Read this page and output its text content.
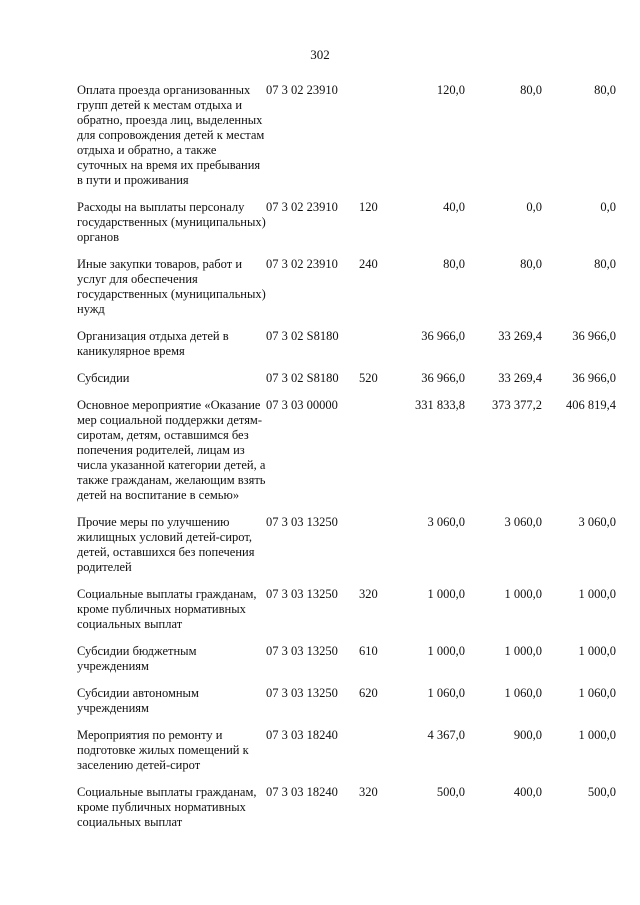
302
Оплата проезда организованных групп детей к местам отдыха и обратно, проезда лиц, выделенных для сопровождения детей к местам отдыха и обратно, а также суточных на время их пребывания в пути и проживания	07 3 02 23910		120,0	80,0	80,0
Расходы на выплаты персоналу государственных (муниципальных) органов	07 3 02 23910	120	40,0	0,0	0,0
Иные закупки товаров, работ и услуг для обеспечения государственных (муниципальных) нужд	07 3 02 23910	240	80,0	80,0	80,0
Организация отдыха детей в каникулярное время	07 3 02 S8180		36 966,0	33 269,4	36 966,0
Субсидии	07 3 02 S8180	520	36 966,0	33 269,4	36 966,0
Основное мероприятие «Оказание мер социальной поддержки детям-сиротам, детям, оставшимся без попечения родителей, лицам из числа указанной категории детей, а также гражданам, желающим взять детей на воспитание в семью»	07 3 03 00000		331 833,8	373 377,2	406 819,4
Прочие меры по улучшению жилищных условий детей-сирот, детей, оставшихся без попечения родителей	07 3 03 13250		3 060,0	3 060,0	3 060,0
Социальные выплаты гражданам, кроме публичных нормативных социальных выплат	07 3 03 13250	320	1 000,0	1 000,0	1 000,0
Субсидии бюджетным учреждениям	07 3 03 13250	610	1 000,0	1 000,0	1 000,0
Субсидии автономным учреждениям	07 3 03 13250	620	1 060,0	1 060,0	1 060,0
Мероприятия по ремонту и подготовке жилых помещений к заселению детей-сирот	07 3 03 18240		4 367,0	900,0	1 000,0
Социальные выплаты гражданам, кроме публичных нормативных социальных выплат	07 3 03 18240	320	500,0	400,0	500,0
